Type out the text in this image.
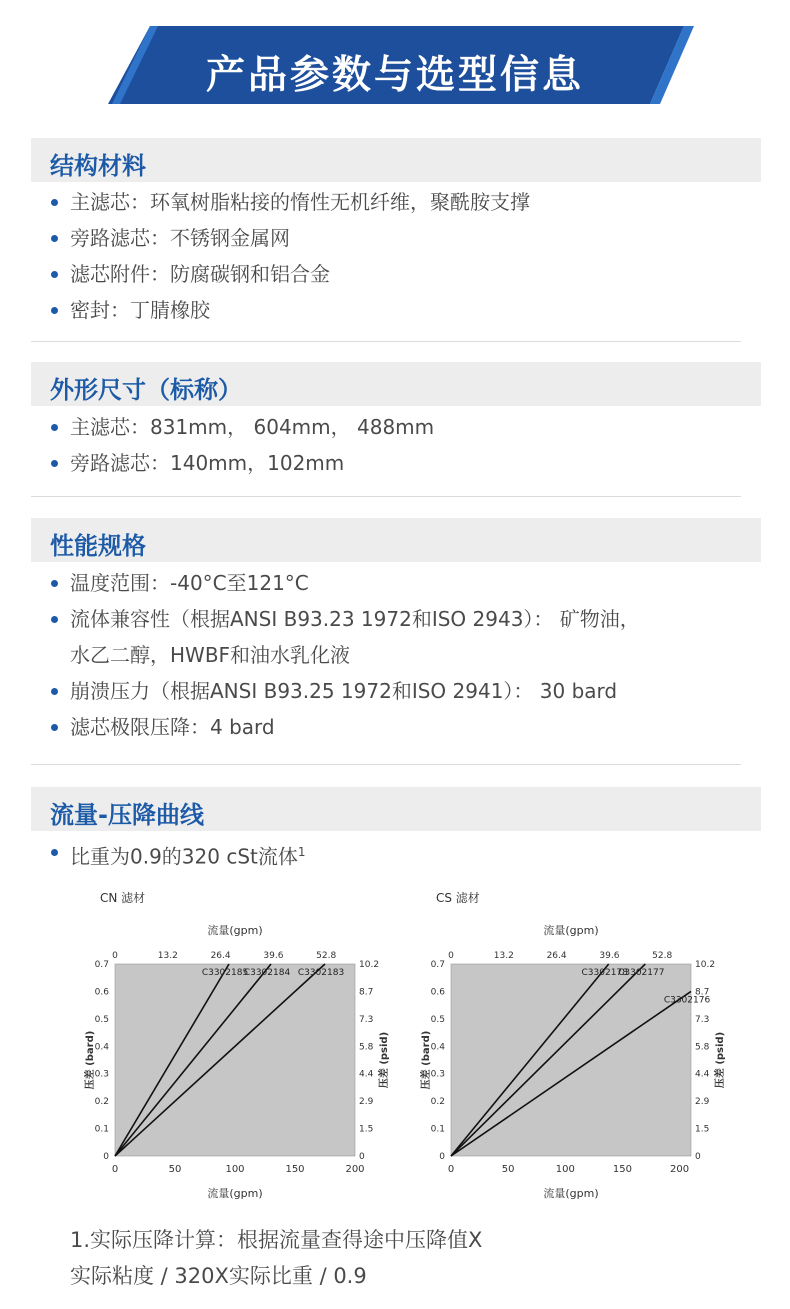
产品参数与选型信息
结构材料
主滤芯：环氧树脂粘接的惰性无机纤维，聚酰胺支撑
旁路滤芯：不锈钢金属网
滤芯附件：防腐碳钢和铝合金
密封：丁腈橡胶
外形尺寸（标称）
主滤芯：831mm， 604mm， 488mm
旁路滤芯：140mm，102mm
性能规格
温度范围：-40°C至121°C
流体兼容性（根据ANSI B93.23 1972和ISO 2943）： 矿物油，
水乙二醇，HWBF和油水乳化液
崩溃压力（根据ANSI B93.25 1972和ISO 2941）： 30 bard
滤芯极限压降：4 bard
流量-压降曲线
比重为0.9的320 cSt流体$^1$
CN 滤材
流量(gpm)
流量(gpm)
0	50	100	150	200
0
0.1
0.2
0.3
0.4
0.5
0.6
0.7
0	13.2	26.4	39.6	52.8
0
1.5
2.9
4.4
5.8
7.3
8.7
10.2
压差 (bard)	压差 (psid)
C3302185
C3302184 C3302183
CS 滤材
流量(gpm)
流量(gpm)
0	50	100	150	200
0
0.1
0.2
0.3
0.4
0.5
0.6
0.7
0	13.2	26.4	39.6	52.8
0
1.5
2.9
4.4
5.8
7.3
8.7
10.2
压差 (bard)	压差 (psid)
C3302178
C3302177
C3302176
1.实际压降计算：根据流量查得途中压降值X
实际粘度 / 320X实际比重 / 0.9
